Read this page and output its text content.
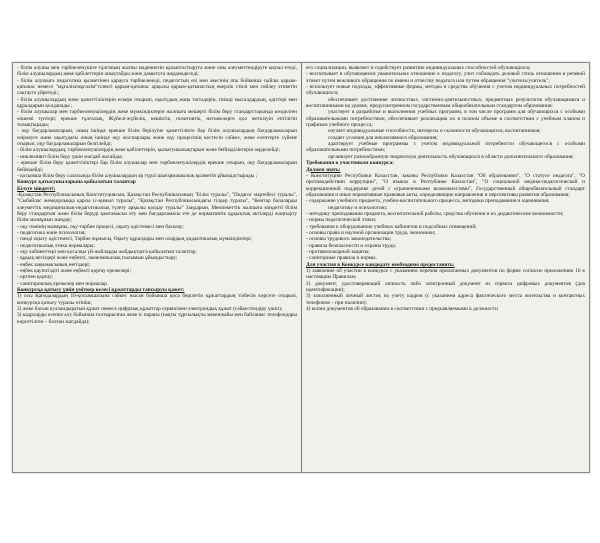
- білім алушы мен тәрбиеленушіге тұлғаның жалпы мәдениетін қалыптастыруға және оны әлеуметтендіруге ықпал етеді, білім алушылардың жеке қабілеттерін анықтайды және дамытуға жәрдемдеседі;
- білім алушыға педагогика қызметінен қарауға тәрбиеленеді, педагогтың өзі мен әкесінің аты бойынша сыйлы қарым-қатынас немесе "мұғалім/мұғалім"тілекті қарым-қатынас арқылы қарым-қатынастың өкерлік стилі мен сөйлеу этикетін сақтауға үйретеді.;
- білім алушылардың жеке қажеттіліктерін ескере отырып, оқытудың жаңа тәсілдерін, тиімді мысалдардың, әдістері мен құралдарын қолданады ;
- білім алушылар мен тәрбиеленушілердің жеке мүмкіндіктерін жалпыға мешерті білім беру стандарттарында көзделген өлшемі түптері; ерекше тұлғалық, Жүйелі-жүйелік, кешіктік, позитивтік, нәтижелерге қол жеткізуін ептілігін толықтырады;
- оқу бағдарламаларын, оның ішінде ерекше білім берілуіне қажеттілікте бар білім алушылардың бағдарламаларын өзірлеуге және оқытудағы оның ішінде оқу жоспарлары және оқу процесінің кестесін сәйкес, жеке есептерге сүйене отырып, оқу бағдарламаларын белгілейді;
- білім алушылардың, тәрбиеленушілердің жеке қабілеттерін, қызығушылықтарын және бейімділіктерін зерделейді;
- инклюзивті білім беру үшін жағдай жасайды;
- ерекше білім беру қажеттіліктері бар білім алушылар мен тәрбиеленушілердің ерекше отырып, оқу бағдарламаларын бейімдейді;
- қосымша білім беру саласында білім алушылардың әр түрлі шығармашылық қызметін ұйымдастырады ;
Конкурс қатысушыларына қойылатын талаптар
Білуге міндетті:
-Қазақстан Республикасының Конституциясын, Қазақстан Республикасының "Білім туралы", "Педагог мәртебесі туралы", "Сыбайлас жемқорлыққа қарсы іс-қимыл туралы", "Қазақстан Республикасындағы тілдер туралы", "Кемтар балаларды әлеуметтік медициналық-педагогикалық түзету арқылы қолдау туралы" Заңдарын, Мемлекеттік жалпыға міндетті білім беру стандартын және білім беруді қамтамасыз ету мен бағдарламасы ете де нормативтік құқықтық актілерді жаңғырту білім мазмұнын жандау;
- оқу пәнінің мазмұны, оқу-тәрбие процесі, оқыту әдістемесі мен бағалау;
- педагогика және психология;
- пәнді оқыту әдістемесі, Тәрбие жұмысы, Оқыту құралдары мен олардың дидактикалық мүмкіндіктері;
- педагогикалық этика нормалары;
- оқу кабинеттері мен қосалқы үй-жайларды жабдықтауға қойылатын талаптар;
- құқық негіздері және еңбекті, экономикалық ғылымын ұйымдастыру;
- еңбек заңнамасының негіздері;
- еңбек қауіпсіздігі және еңбекті қорғау ережелері;
- өртпен қорғау;
- санитариялық ережелер мен нормалар.
Конкурсқа қатысу үшін үміткер келесі құжаттарды тапсыруы қажет:
1) осы Қағидалардың 10-қосымшасына сәйкес нысан бойынша қоса берілетін құжаттардың тізбесін көрсете отырып, конкурсқа қатысу туралы өтініш;
2) жеке басын куәландыратын құжат немесе цифрлық құжаттар сервисінен электрондық құжат (сәйкестендіру үшін);
3) кадрларды есепке алу бойынша толтырылған жеке іс парағы (нақты тұрғылықты мекенжайы мен байланыс телефондары көрсетілген – болған жағдайда);
его социализации, выявляет и содействует развитию индивидуальных способностей обучающихся;
- воспитывает в обучающемся уважительное отношение к педагогу, учит соблюдать деловой стиль отношения и речевой этикет путем вежливого обращения по имени и отчеству педагога или путем обращения "учитель/учитель";
- использует новые подходы, эффективные формы, методы и средства обучения с учетом индивидуальных потребностей обучающихся;
обеспечивает достижение личностных, системно-деятельностных, предметных результатов обучающимися и воспитанниками на уровне, предусмотренном государственным общеобязательным стандартом образования;
участвует в разработке и выполнении учебных программ, в том числе программ для обучающихся с особыми образовательными потребностями, обеспечивает реализацию их в полном объеме в соответствии с учебным планом и графиком учебного процесса;
изучает индивидуальные способности, интересы и склонности обучающихся, воспитанников;
создает условия для инклюзивного образования;
адаптирует учебные программы с учетом индивидуальной потребности обучающегося с особыми образовательными потребностями;
организует разнообразную творческую деятельность обучающихся в области дополнительного образования;
Требования к участникам конкурса:
Должен знать:
- Конституцию Республики Казахстан, законы Республики Казахстан "Об образовании", "О статусе педагога", "О противодействии коррупции", "О языках в Республике Казахстан", "О социальной медико-педагогической и коррекционной поддержке детей с ограниченными возможностями", Государственный общеобязательный стандарт образования и иные нормативные правовые акты, определяющие направления и перспективы развития образования;
- содержание учебного предмета, учебно-воспитательного процесса, методики преподавания и оценивания;
педагогику и психологию;
- методику преподавания предмета, воспитательной работы, средства обучения и их дидактические возможности;
- нормы педагогической этики;
- требования к оборудованию учебных кабинетов и подсобных помещений;
- основы права и научной организации труда, экономики;
- основы трудового законодательства;
- правила безопасности и охраны труда;
- противопожарной защиты;
- санитарные правила и нормы.
Для участия в Конкурсе кандидату необходимо предоставить:
1) заявление об участии в конкурсе с указанием перечня прилагаемых документов по форме согласно приложению 10 к настоящим Правилам;
2) документ, удостоверяющий личность либо электронный документ из сервиса цифровых документов (для идентификации);
3) заполненный личный листок по учету кадров (с указанием адреса фактического места жительства и контактных телефонов – при наличии);
4) копии документов об образовании в соответствии с предъявляемыми к должности
